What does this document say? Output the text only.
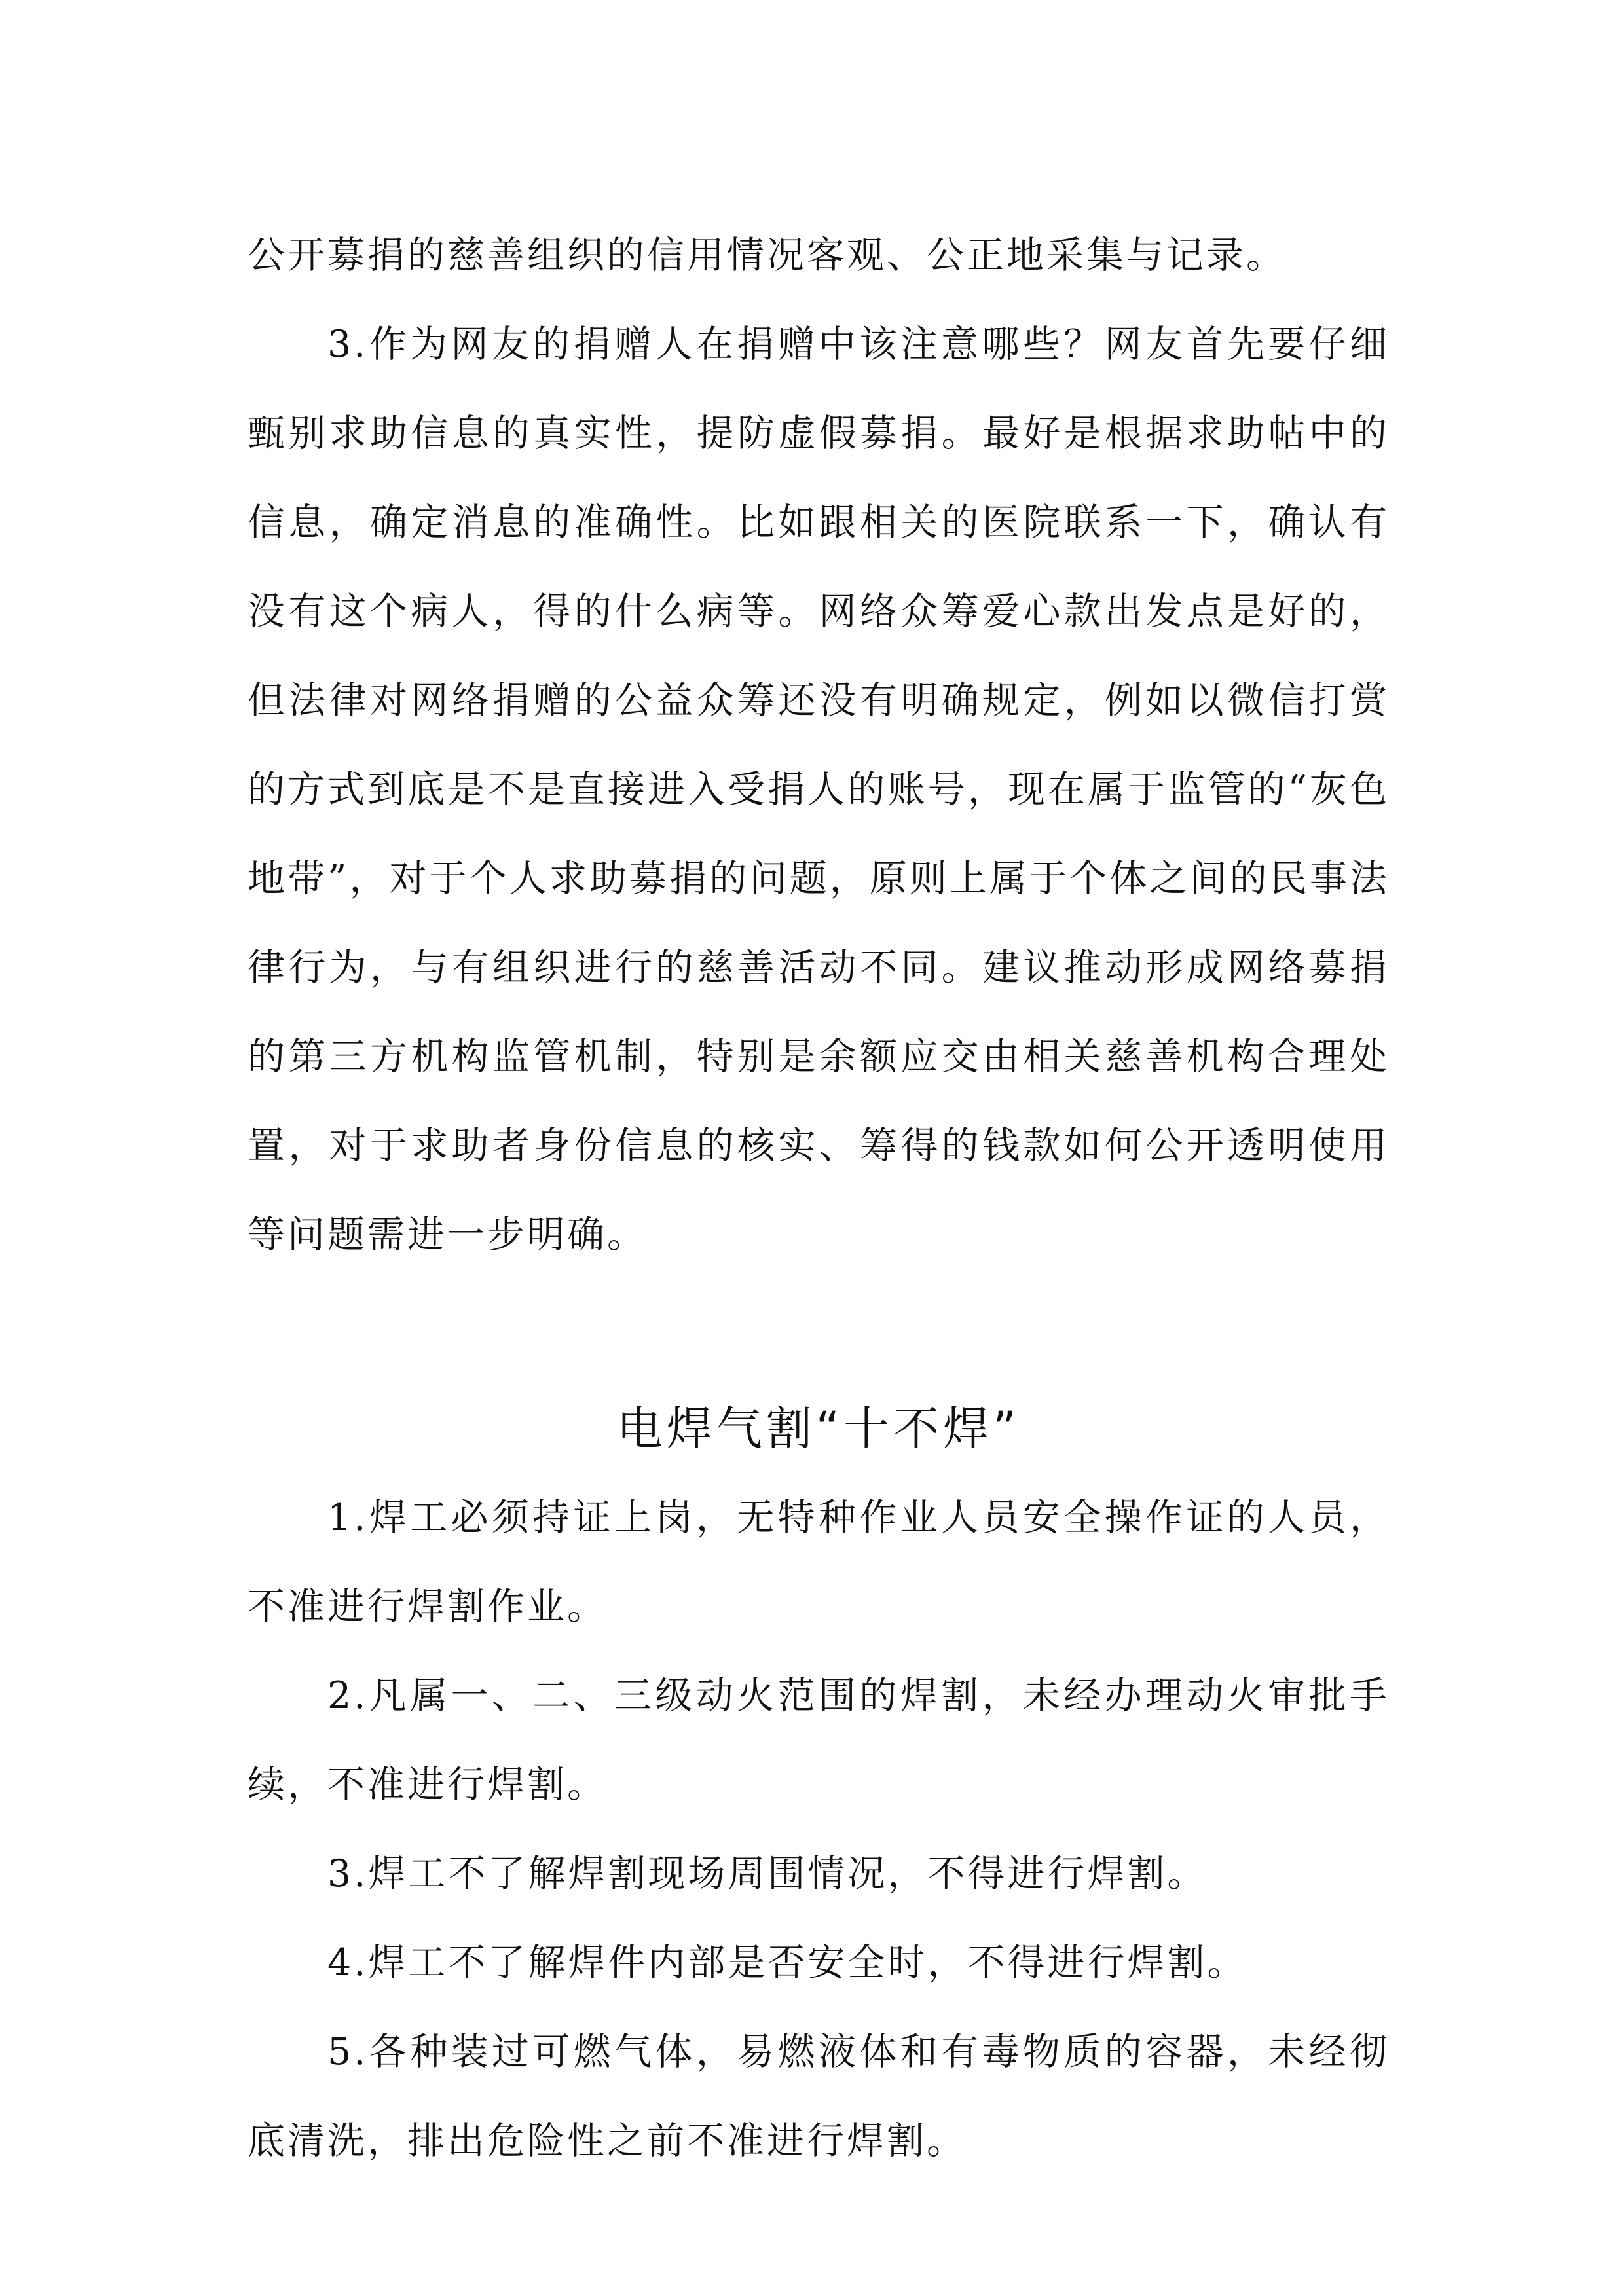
公开募捐的慈善组织的信用情况客观、公正地采集与记录。

3.作为网友的捐赠人在捐赠中该注意哪些？网友首先要仔细甄别求助信息的真实性，提防虚假募捐。最好是根据求助帖中的信息，确定消息的准确性。比如跟相关的医院联系一下，确认有没有这个病人，得的什么病等。网络众筹爱心款出发点是好的，但法律对网络捐赠的公益众筹还没有明确规定，例如以微信打赏的方式到底是不是直接进入受捐人的账号，现在属于监管的“灰色地带”，对于个人求助募捐的问题，原则上属于个体之间的民事法律行为，与有组织进行的慈善活动不同。建议推动形成网络募捐的第三方机构监管机制，特别是余额应交由相关慈善机构合理处置，对于求助者身份信息的核实、筹得的钱款如何公开透明使用等问题需进一步明确。

电焊气割“十不焊”

1.焊工必须持证上岗，无特种作业人员安全操作证的人员，不准进行焊割作业。

2.凡属一、二、三级动火范围的焊割，未经办理动火审批手续，不准进行焊割。

3.焊工不了解焊割现场周围情况，不得进行焊割。

4.焊工不了解焊件内部是否安全时，不得进行焊割。

5.各种装过可燃气体，易燃液体和有毒物质的容器，未经彻底清洗，排出危险性之前不准进行焊割。
